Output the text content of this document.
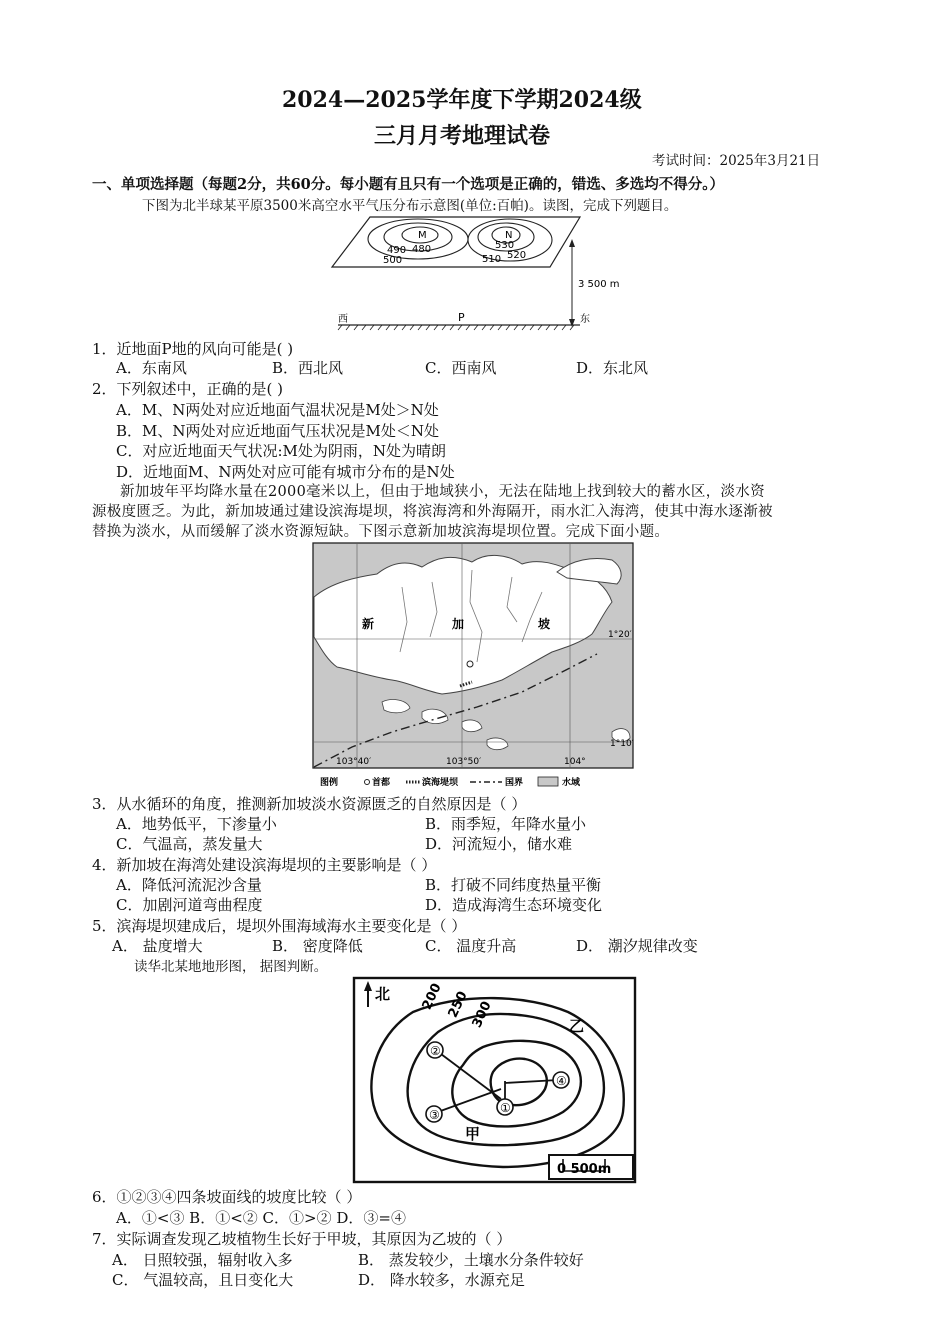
2024—2025学年度下学期2024级
三月月考地理试卷
考试时间：2025年3月21日
一、单项选择题（每题2分，共60分。每小题有且只有一个选项是正确的，错选、多选均不得分。）
下图为北半球某平原3500米高空水平气压分布示意图(单位:百帕)。读图，完成下列题目。
M	N
490 480
500
530
510 520
3 500 m
西	P	东
1．近地面P地的风向可能是( )
A．东南风	B．西北风	C．西南风	D．东北风
2．下列叙述中，正确的是( )
A．M、N两处对应近地面气温状况是M处＞N处
B．M、N两处对应近地面气压状况是M处＜N处
C．对应近地面天气状况:M处为阴雨，N处为晴朗
D．近地面M、N两处对应可能有城市分布的是N处
新加坡年平均降水量在2000毫米以上，但由于地域狭小，无法在陆地上找到较大的蓄水区，淡水资
源极度匮乏。为此，新加坡通过建设滨海堤坝，将滨海湾和外海隔开，雨水汇入海湾，使其中海水逐渐被
替换为淡水，从而缓解了淡水资源短缺。下图示意新加坡滨海堤坝位置。完成下面小题。
新	加	坡
1°20′
1°10′
103°40′	103°50′	104°
图例	首都	滨海堤坝	国界	水域
3．从水循环的角度，推测新加坡淡水资源匮乏的自然原因是（ ）
A．地势低平，下渗量小	B．雨季短，年降水量小
C．气温高，蒸发量大	D．河流短小，储水难
4．新加坡在海湾处建设滨海堤坝的主要影响是（ ）
A．降低河流泥沙含量	B．打破不同纬度热量平衡
C．加剧河道弯曲程度	D．造成海湾生态环境变化
5．滨海堤坝建成后，堤坝外围海域海水主要变化是（ ）
A． 盐度增大	B． 密度降低	C． 温度升高	D． 潮汐规律改变
读华北某地地形图， 据图判断。
②
③
④
①
北 200 250
300	乙
甲
0 500m
6．①②③④四条坡面线的坡度比较（ ）
A．①<③ B．①<② C．①>② D．③=④
7．实际调查发现乙坡植物生长好于甲坡，其原因为乙坡的（ ）
A． 日照较强，辐射收入多	B． 蒸发较少，土壤水分条件较好
C． 气温较高，且日变化大	D． 降水较多，水源充足
